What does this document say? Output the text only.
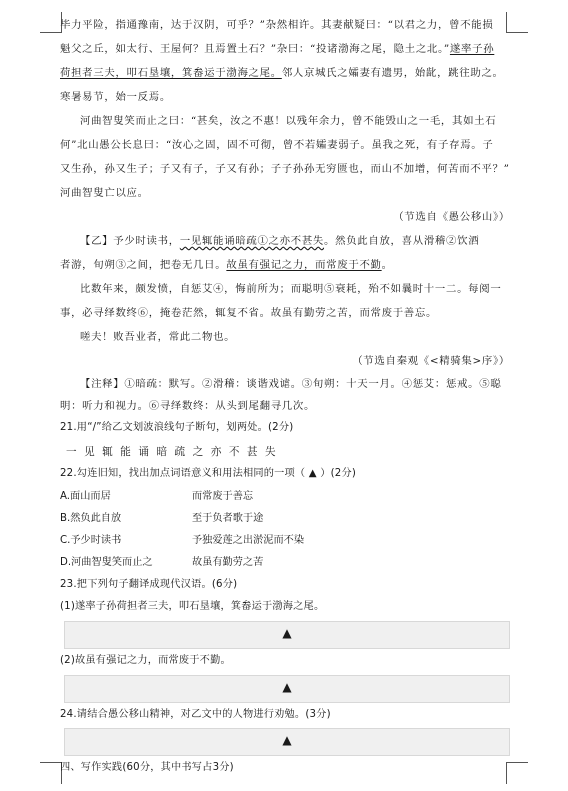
毕力平险，指通豫南，达于汉阴，可乎？”杂然相许。其妻献疑曰：“以君之力，曾不能损
魁父之丘，如太行、王屋何？且焉置土石？”杂曰：“投诸渤海之尾，隐土之北。”遂率子孙
荷担者三夫，叩石垦壤，箕畚运于渤海之尾。邻人京城氏之孀妻有遗男，始龀，跳往助之。
寒暑易节，始一反焉。
河曲智叟笑而止之曰：“甚矣，汝之不惠！以残年余力，曾不能毁山之一毛，其如土石
何”北山愚公长息曰：“汝心之固，固不可彻，曾不若孀妻弱子。虽我之死，有子存焉。子
又生孙，孙又生子；子又有子，子又有孙；子子孙孙无穷匮也，而山不加增，何苦而不平？”
河曲智叟亡以应。
（节选自《愚公移山》）
【乙】予少时读书，一见辄能诵暗疏①之亦不甚失。然负此自放，喜从滑稽②饮酒
者游，旬朔③之间，把卷无几日。故虽有强记之力，而常废于不勤。
比数年来，颇发愤，自惩艾④，悔前所为；而聪明⑤衰耗，殆不如曩时十一二。每阅一
事，必寻绎数终⑥，掩卷茫然，辄复不省。故虽有勤劳之苦，而常废于善忘。
嗟夫！败吾业者，常此二物也。
（节选自秦观《<精骑集>序》）
【注释】①暗疏：默写。②滑稽：谈谐戏谑。③旬朔：十天一月。④惩艾：惩戒。⑤聪
明：听力和视力。⑥寻绎数终：从头到尾翻寻几次。
21.用“/”给乙文划波浪线句子断句，划两处。(2分)
一见辄能诵暗疏之亦不甚失
22.勾连旧知，找出加点词语意义和用法相同的一项（ ▲ ）(2分)
A.面山而居	而常废于善忘
B.然负此自放	至于负者歌于途
C.予少时读书	予独爱莲之出淤泥而不染
D.河曲智叟笑而止之	故虽有勤劳之苦
23.把下列句子翻译成现代汉语。(6分)
(1)遂率子孙荷担者三夫，叩石垦壤，箕畚运于渤海之尾。
▲
(2)故虽有强记之力，而常废于不勤。
▲
24.请结合愚公移山精神，对乙文中的人物进行劝勉。(3分)
▲
四、写作实践(60分，其中书写占3分)
